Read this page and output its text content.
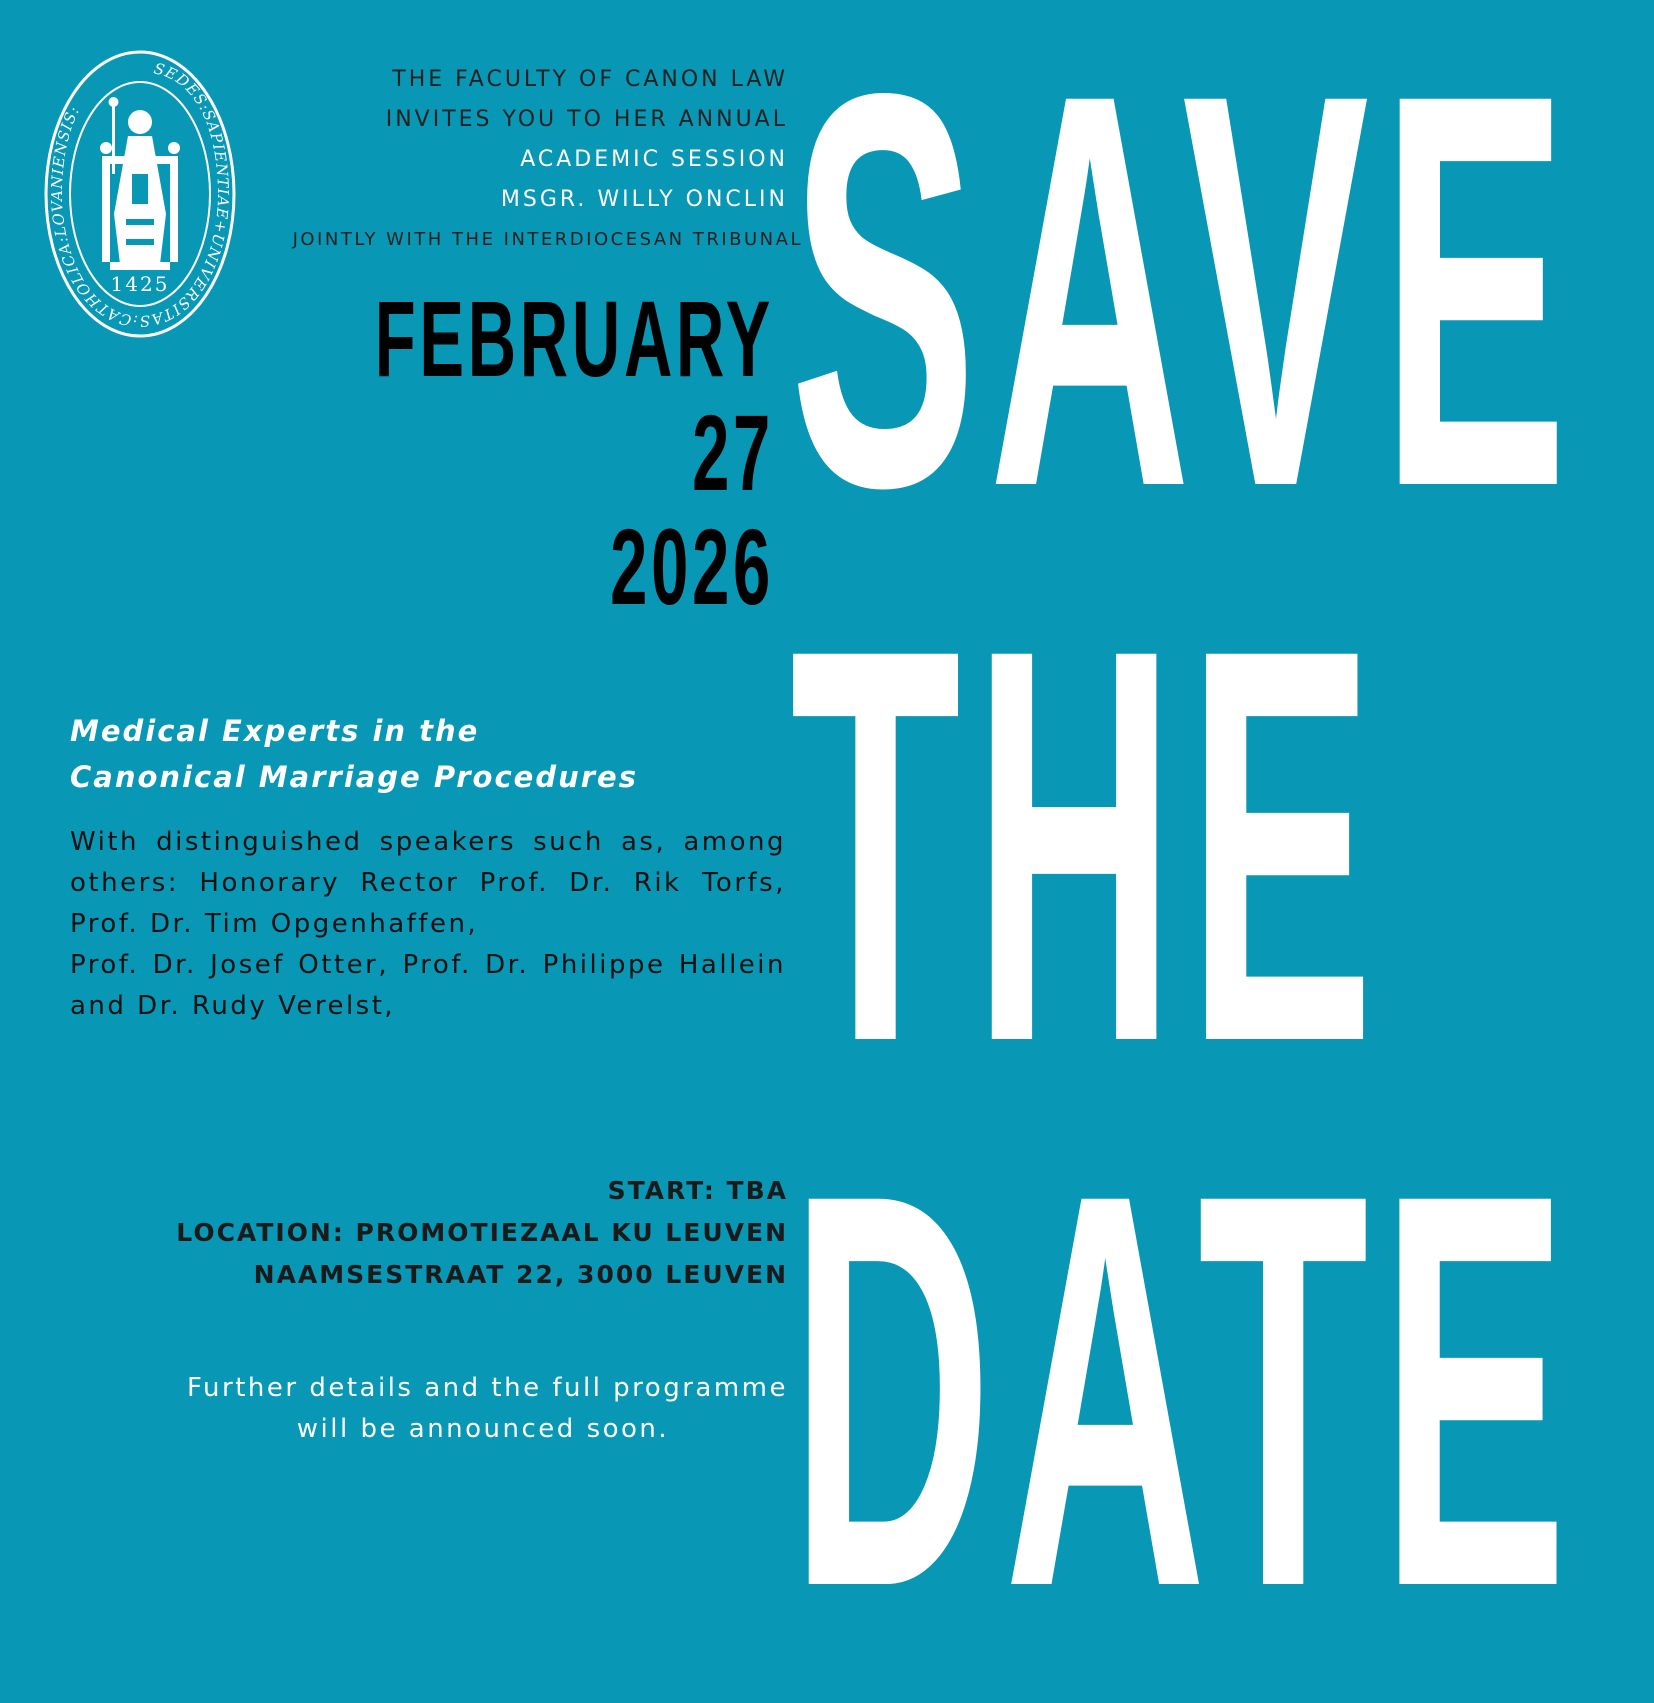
SEDES:SAPIENTIAE+UNIVERSITAS:CATHOLICA:LOVANIENSIS:
1425
THE FACULTY OF CANON LAW
INVITES YOU TO HER ANNUAL
ACADEMIC SESSION
MSGR. WILLY ONCLIN
JOINTLY WITH THE INTERDIOCESAN TRIBUNAL
FEBRUARY
27
2026 SAVE
THE
DATE
Medical Experts in the
Canonical Marriage Procedures
With distinguished speakers such as, among others: Honorary Rector Prof. Dr. Rik Torfs, Prof. Dr. Tim Opgenhaffen,
Prof. Dr. Josef Otter, Prof. Dr. Philippe Hallein and Dr. Rudy Verelst,
START: TBA
LOCATION: PROMOTIEZAAL KU LEUVEN
NAAMSESTRAAT 22, 3000 LEUVEN
Further details and the full programme
will be announced soon.
